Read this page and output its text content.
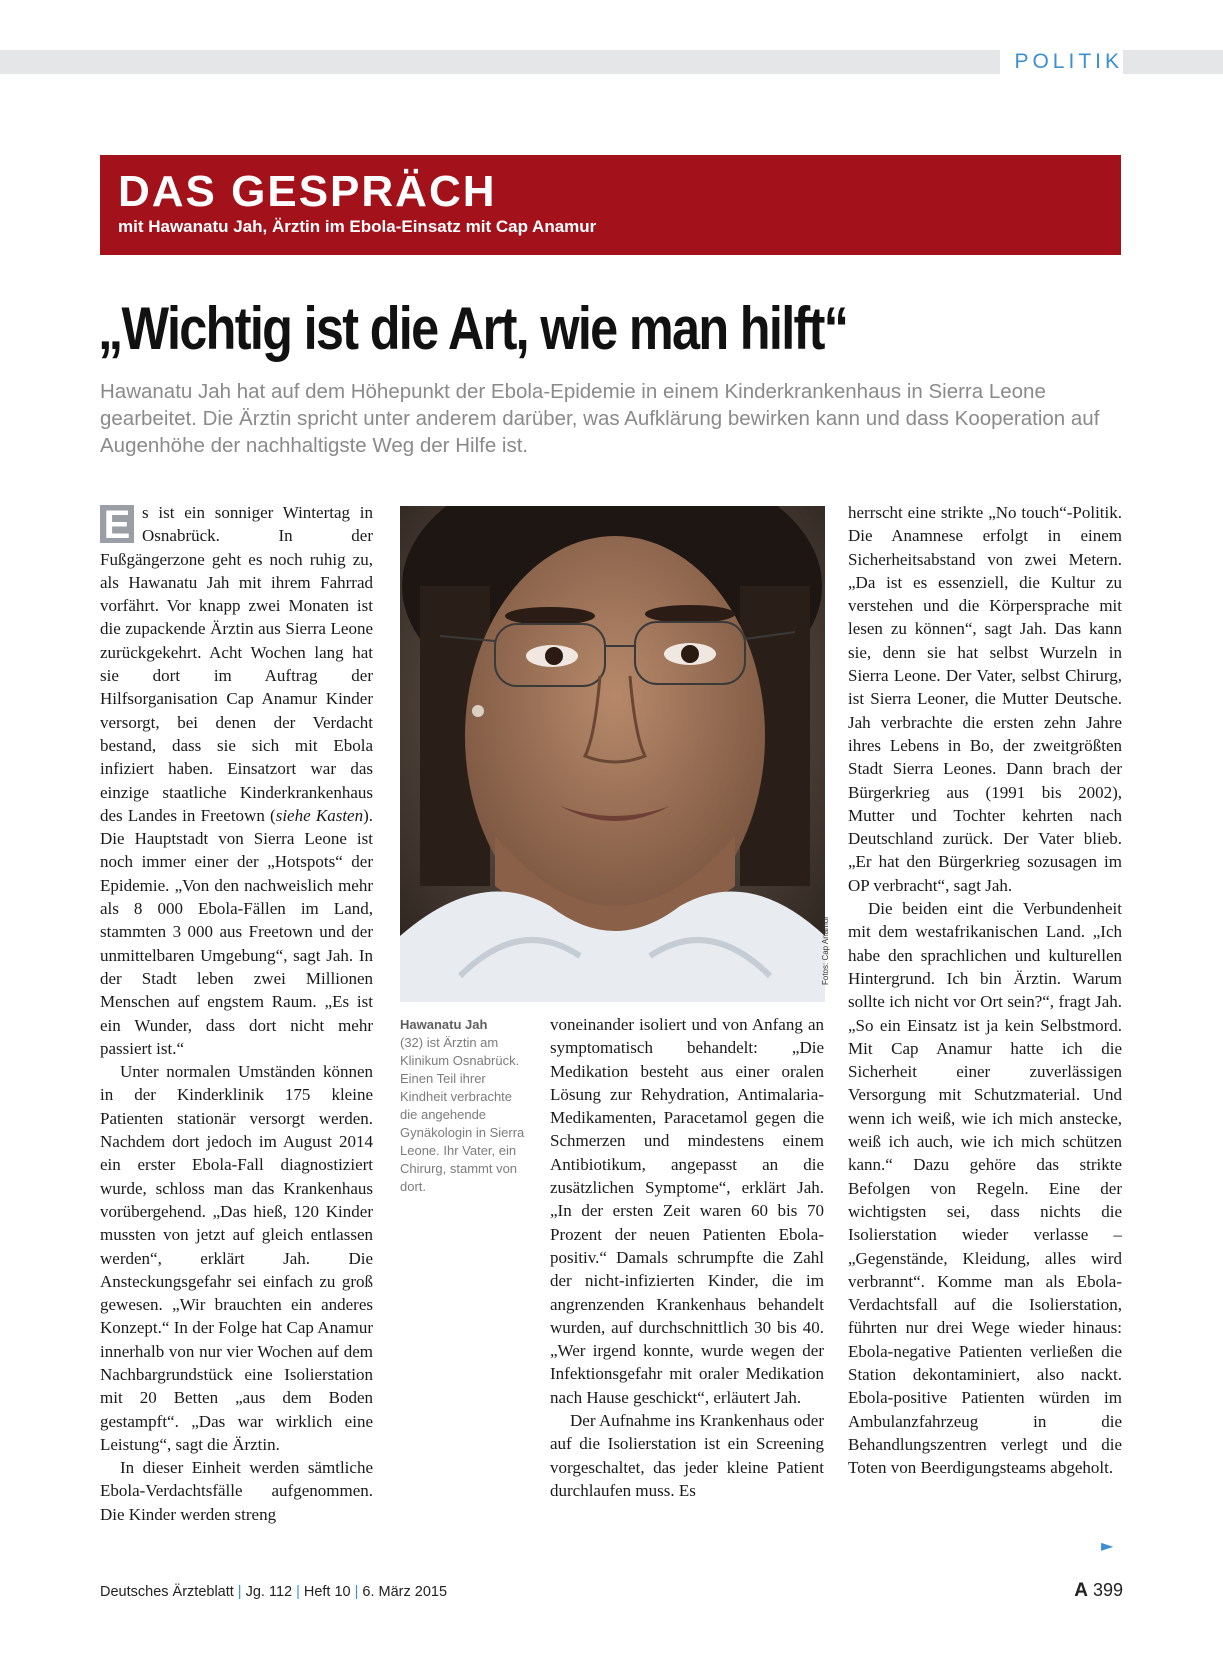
POLITIK
DAS GESPRÄCH
mit Hawanatu Jah, Ärztin im Ebola-Einsatz mit Cap Anamur
„Wichtig ist die Art, wie man hilft“
Hawanatu Jah hat auf dem Höhepunkt der Ebola-Epidemie in einem Kinderkrankenhaus in Sierra Leone gearbeitet. Die Ärztin spricht unter anderem darüber, was Aufklärung bewirken kann und dass Kooperation auf Augenhöhe der nachhaltigste Weg der Hilfe ist.

E s ist ein sonniger Wintertag in Osnabrück. In der Fußgängerzone geht es noch ruhig zu, als Hawanatu Jah mit ihrem Fahrrad vorfährt. Vor knapp zwei Monaten ist die zupackende Ärztin aus Sierra Leone zurückgekehrt. Acht Wochen lang hat sie dort im Auftrag der Hilfsorganisation Cap Anamur Kinder versorgt, bei denen der Verdacht bestand, dass sie sich mit Ebola infiziert haben. Einsatzort war das einzige staatliche Kinderkrankenhaus des Landes in Freetown (siehe Kasten). Die Hauptstadt von Sierra Leone ist noch immer einer der „Hotspots“ der Epidemie. „Von den nachweislich mehr als 8 000 Ebola-Fällen im Land, stammten 3 000 aus Freetown und der unmittelbaren Umgebung“, sagt Jah. In der Stadt leben zwei Millionen Menschen auf engstem Raum. „Es ist ein Wunder, dass dort nicht mehr passiert ist.“

Unter normalen Umständen können in der Kinderklinik 175 kleine Patienten stationär versorgt werden. Nachdem dort jedoch im August 2014 ein erster Ebola-Fall diagnostiziert wurde, schloss man das Krankenhaus vorübergehend. „Das hieß, 120 Kinder mussten von jetzt auf gleich entlassen werden“, erklärt Jah. Die Ansteckungsgefahr sei einfach zu groß gewesen. „Wir brauchten ein anderes Konzept.“ In der Folge hat Cap Anamur innerhalb von nur vier Wochen auf dem Nachbargrundstück eine Isolierstation mit 20 Betten „aus dem Boden gestampft“. „Das war wirklich eine Leistung“, sagt die Ärztin.

In dieser Einheit werden sämtliche Ebola-Verdachtsfälle aufgenommen. Die Kinder werden streng

Fotos: Cap Anamur
Hawanatu Jah
(32) ist Ärztin am Klinikum Osnabrück. Einen Teil ihrer Kindheit verbrachte die angehende Gynäkologin in Sierra Leone. Ihr Vater, ein Chirurg, stammt von dort.

voneinander isoliert und von Anfang an symptomatisch behandelt: „Die Medikation besteht aus einer oralen Lösung zur Rehydration, Antimalaria-Medikamenten, Paracetamol gegen die Schmerzen und mindestens einem Antibiotikum, angepasst an die zusätzlichen Symptome“, erklärt Jah. „In der ersten Zeit waren 60 bis 70 Prozent der neuen Patienten Ebola-positiv.“ Damals schrumpfte die Zahl der nicht-infizierten Kinder, die im angrenzenden Krankenhaus behandelt wurden, auf durchschnittlich 30 bis 40. „Wer irgend konnte, wurde wegen der Infektionsgefahr mit oraler Medikation nach Hause geschickt“, erläutert Jah.

Der Aufnahme ins Krankenhaus oder auf die Isolierstation ist ein Screening vorgeschaltet, das jeder kleine Patient durchlaufen muss. Es

herrscht eine strikte „No touch“-Politik. Die Anamnese erfolgt in einem Sicherheitsabstand von zwei Metern. „Da ist es essenziell, die Kultur zu verstehen und die Körpersprache mit lesen zu können“, sagt Jah. Das kann sie, denn sie hat selbst Wurzeln in Sierra Leone. Der Vater, selbst Chirurg, ist Sierra Leoner, die Mutter Deutsche. Jah verbrachte die ersten zehn Jahre ihres Lebens in Bo, der zweitgrößten Stadt Sierra Leones. Dann brach der Bürgerkrieg aus (1991 bis 2002), Mutter und Tochter kehrten nach Deutschland zurück. Der Vater blieb. „Er hat den Bürgerkrieg sozusagen im OP verbracht“, sagt Jah.

Die beiden eint die Verbundenheit mit dem westafrikanischen Land. „Ich habe den sprachlichen und kulturellen Hintergrund. Ich bin Ärztin. Warum sollte ich nicht vor Ort sein?“, fragt Jah. „So ein Einsatz ist ja kein Selbstmord. Mit Cap Anamur hatte ich die Sicherheit einer zuverlässigen Versorgung mit Schutzmaterial. Und wenn ich weiß, wie ich mich anstecke, weiß ich auch, wie ich mich schützen kann.“ Dazu gehöre das strikte Befolgen von Regeln. Eine der wichtigsten sei, dass nichts die Isolierstation wieder verlasse – „Gegenstände, Kleidung, alles wird verbrannt“. Komme man als Ebola-Verdachtsfall auf die Isolierstation, führten nur drei Wege wieder hinaus: Ebola-negative Patienten verließen die Station dekontaminiert, also nackt. Ebola-positive Patienten würden im Ambulanzfahrzeug in die Behandlungszentren verlegt und die Toten von Beerdigungsteams abgeholt.

►
Deutsches Ärzteblatt | Jg. 112 | Heft 10 | 6. März 2015	A 399
